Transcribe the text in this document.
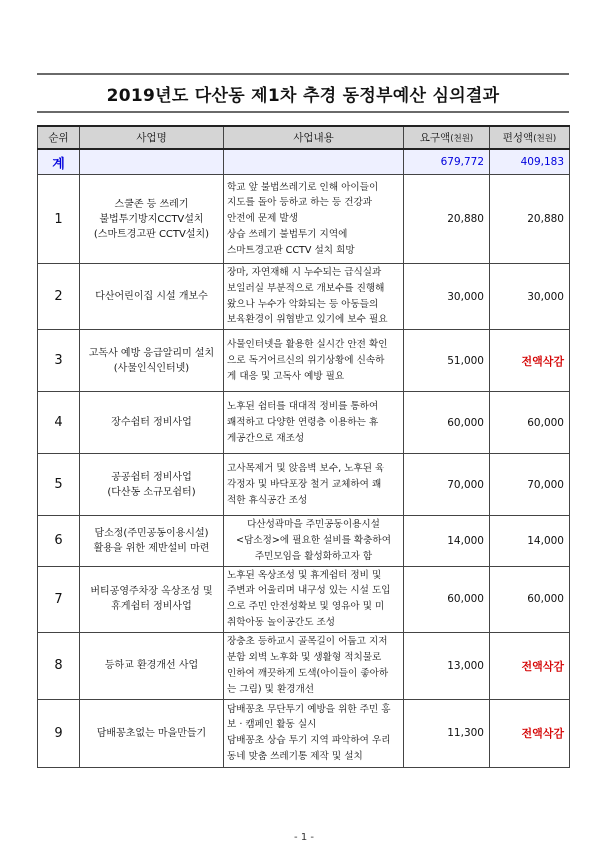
2019년도 다산동 제1차 추경 동정부예산 심의결과
순위	사업명	사업내용	요구액(천원)	편성액(천원)
계			679,772	409,183
1	스쿨존 등 쓰레기
불법투기방지CCTV설치
(스마트경고판 CCTV설치)	학교 앞 불법쓰레기로 인해 아이들이
지도를 돌아 등하교 하는 등 건강과
안전에 문제 발생
상습 쓰레기 불법투기 지역에
스마트경고판 CCTV 설치 희망	20,880	20,880
2	다산어린이집 시설 개보수	장마, 자연재해 시 누수되는 급식실과
보일러실 부분적으로 개보수를 진행해
왔으나 누수가 악화되는 등 아동들의
보육환경이 위협받고 있기에 보수 필요	30,000	30,000
3	고독사 예방 응급알리미 설치
(사물인식인터넷)	사물인터넷을 활용한 실시간 안전 확인
으로 독거어르신의 위기상황에 신속하
게 대응 및 고독사 예방 필요	51,000	전액삭감
4	장수쉼터 정비사업	노후된 쉼터를 대대적 정비를 통하여
쾌적하고 다양한 연령층 이용하는 휴
게공간으로 재조성	60,000	60,000
5	공공쉼터 정비사업
(다산동 소규모쉼터)	고사목제거 및 앉음벽 보수, 노후된 육
각정자 및 바닥포장 철거 교체하여 쾌
적한 휴식공간 조성	70,000	70,000
6	담소정(주민공동이용시설)
활용을 위한 제반설비 마련	다산성곽마을 주민공동이용시설
<담소정>에 필요한 설비를 확충하여
주민모임을 활성화하고자 함	14,000	14,000
7	버티공영주차장 옥상조성 및
휴게쉼터 정비사업	노후된 옥상조성 및 휴게쉼터 정비 및
주변과 어울리며 내구성 있는 시설 도입
으로 주민 안전성확보 및 영유아 및 미
취학아동 놀이공간도 조성	60,000	60,000
8	등하교 환경개선 사업	장충초 등하교시 골목길이 어둡고 지저
분함 외벽 노후화 및 생활형 적치물로
인하여 깨끗하게 도색(아이들이 좋아하
는 그림) 및 환경개선	13,000	전액삭감
9	담배꽁초없는 마을만들기	담배꽁초 무단투기 예방을 위한 주민 홍
보 · 캠페인 활동 실시
담배꽁초 상습 투기 지역 파악하여 우리
동네 맞춤 쓰레기통 제작 및 설치	11,300	전액삭감
- 1 -
